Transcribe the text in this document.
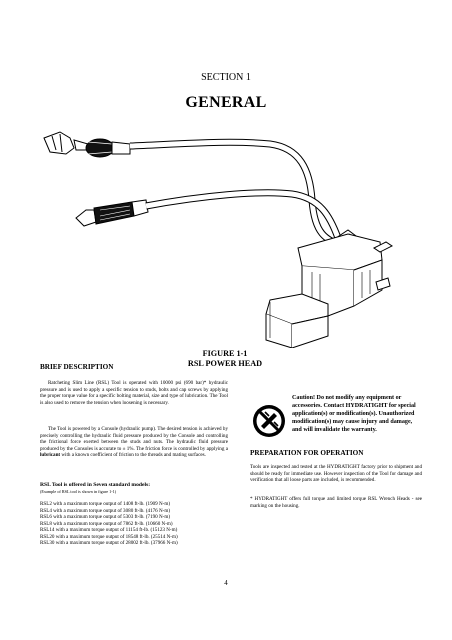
SECTION 1
GENERAL
FIGURE 1-1
RSL POWER HEAD
BRIEF DESCRIPTION
Ratcheting Slim Line (RSL) Tool is operated with 10000 psi (690 bar)* hydraulic pressure and is used to apply a specific tension to studs, bolts and cap screws by applying the proper torque value for a specific bolting material, size and type of lubrication. The Tool is also used to remove the tension when loosening is necessary.
The Tool is powered by a Console (hydraulic pump). The desired tension is achieved by precisely controlling the hydraulic fluid pressure produced by the Console and controlling the frictional force exerted between the studs and nuts. The hydraulic fluid pressure produced by the Consoles is accurate to ± 1%. The friction force is controlled by applying a lubricant with a known coefficient of friction to the threads and mating surfaces.
RSL Tool is offered in Seven standard models:
(Example of RSL tool is shown in figure 1-1)
RSL2 with a maximum torque output of 1408 ft-lb. (1909 N-m)
RSL4 with a maximum torque output of 3080 ft-lb. (4176 N-m)
RSL6 with a maximum torque output of 5303 ft-lb. (7190 N-m)
RSL8 with a maximum torque output of 7862 ft-lb. (10660 N-m)
RSL14 with a maximum torque output of 11154 ft-lb. (15123 N-m)
RSL20 with a maximum torque output of 18548 ft-lb. (25514 N-m)
RSL30 with a maximum torque output of 28002 ft-lb. (37966 N-m)
Caution! Do not modify any equipment or accessories. Contact HYDRATIGHT for special application(s) or modification(s). Unauthorized modification(s) may cause injury and damage, and will invalidate the warranty.
PREPARATION FOR OPERATION
Tools are inspected and tested at the HYDRATIGHT factory prior to shipment and should be ready for immediate use. However inspection of the Tool for damage and verification that all loose parts are included, is recommended.
* HYDRATIGHT offers full torque and limited torque RSL Wrench Heads - see marking on the housing.
4
